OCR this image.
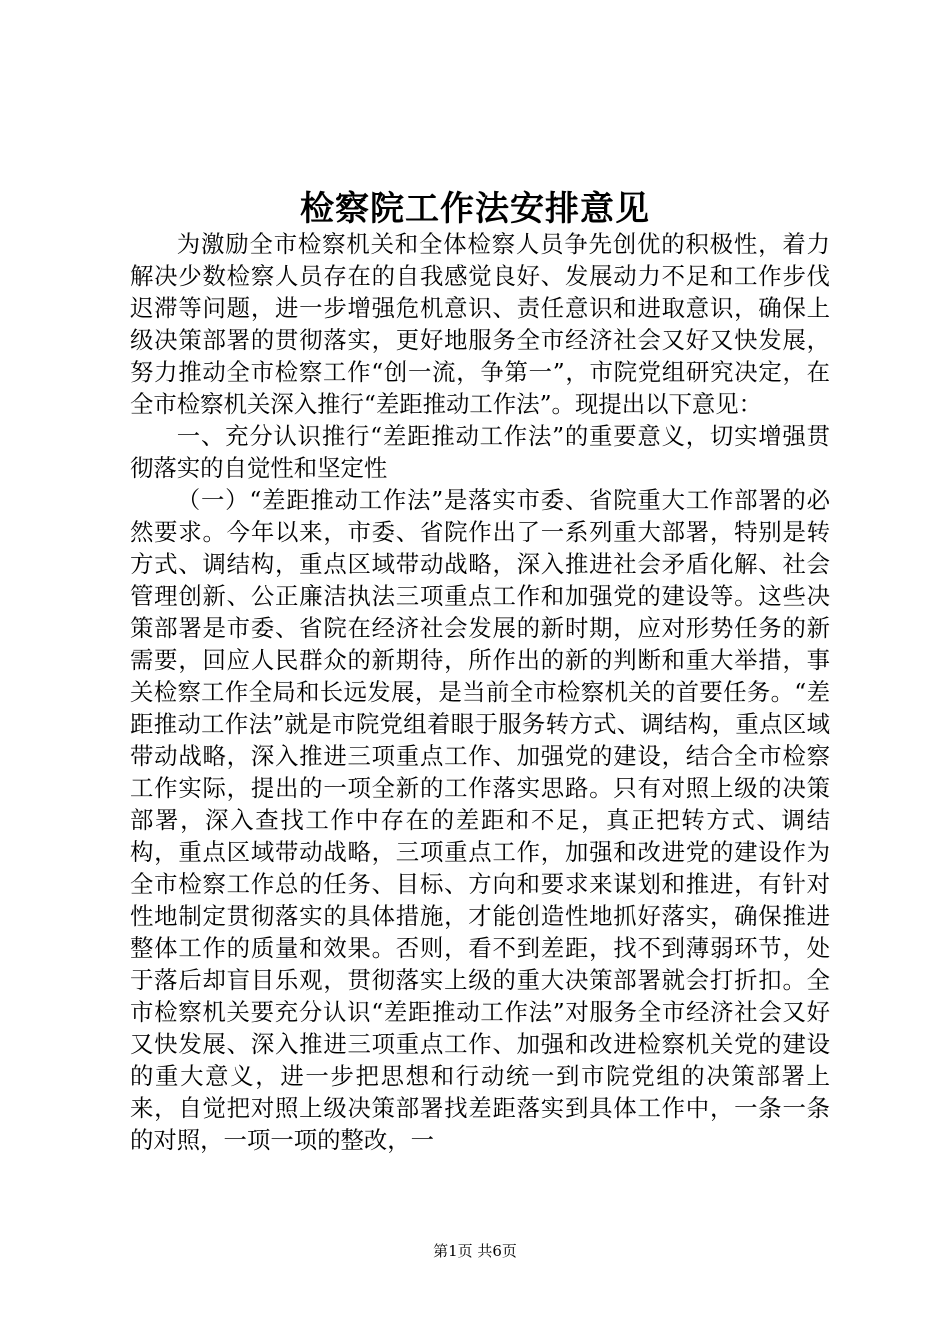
检察院工作法安排意见

为激励全市检察机关和全体检察人员争先创优的积极性，着力解决少数检察人员存在的自我感觉良好、发展动力不足和工作步伐迟滞等问题，进一步增强危机意识、责任意识和进取意识，确保上级决策部署的贯彻落实，更好地服务全市经济社会又好又快发展，努力推动全市检察工作“创一流，争第一”，市院党组研究决定，在全市检察机关深入推行“差距推动工作法”。现提出以下意见：

一、充分认识推行“差距推动工作法”的重要意义，切实增强贯彻落实的自觉性和坚定性

（一）“差距推动工作法”是落实市委、省院重大工作部署的必然要求。今年以来，市委、省院作出了一系列重大部署，特别是转方式、调结构，重点区域带动战略，深入推进社会矛盾化解、社会管理创新、公正廉洁执法三项重点工作和加强党的建设等。这些决策部署是市委、省院在经济社会发展的新时期，应对形势任务的新需要，回应人民群众的新期待，所作出的新的判断和重大举措，事关检察工作全局和长远发展，是当前全市检察机关的首要任务。“差距推动工作法”就是市院党组着眼于服务转方式、调结构，重点区域带动战略，深入推进三项重点工作、加强党的建设，结合全市检察工作实际，提出的一项全新的工作落实思路。只有对照上级的决策部署，深入查找工作中存在的差距和不足，真正把转方式、调结构，重点区域带动战略，三项重点工作，加强和改进党的建设作为全市检察工作总的任务、目标、方向和要求来谋划和推进，有针对性地制定贯彻落实的具体措施，才能创造性地抓好落实，确保推进整体工作的质量和效果。否则，看不到差距，找不到薄弱环节，处于落后却盲目乐观，贯彻落实上级的重大决策部署就会打折扣。全市检察机关要充分认识“差距推动工作法”对服务全市经济社会又好又快发展、深入推进三项重点工作、加强和改进检察机关党的建设的重大意义，进一步把思想和行动统一到市院党组的决策部署上来，自觉把对照上级决策部署找差距落实到具体工作中，一条一条的对照，一项一项的整改，一

第1页 共6页
